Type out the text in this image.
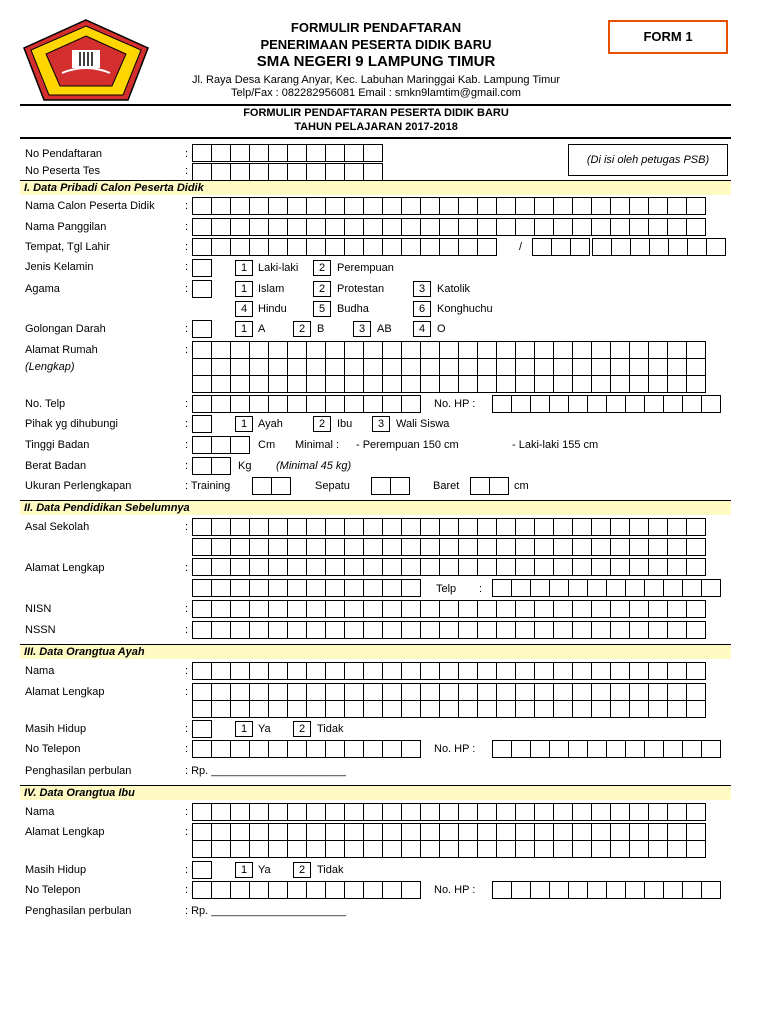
FORMULIR PENDAFTARAN
PENERIMAAN PESERTA DIDIK BARU
SMA NEGERI 9 LAMPUNG TIMUR
Jl. Raya Desa Karang Anyar, Kec. Labuhan Maringgai Kab. Lampung Timur
Telp/Fax : 082282956081 Email : smkn9lamtim@gmail.com
FORM 1
FORMULIR PENDAFTARAN PESERTA DIDIK BARU
TAHUN PELAJARAN 2017-2018
No Pendaftaran	:
No Peserta Tes	:
(Di isi oleh petugas PSB)
I. Data Pribadi Calon Peserta Didik
Nama Calon Peserta Didik	:
Nama Panggilan	:
Tempat, Tgl Lahir	:	/
Jenis Kelamin	:	1 Laki-laki	2	Perempuan
Agama	:	1 Islam	2	Protestan	3	Katolik
4 Hindu	5	Budha	6	Konghuchu
Golongan Darah	:	1 A	2	B	3	AB	4	O
Alamat Rumah
(Lengkap)
:
No. Telp	:	No. HP :
Pihak yg dihubungi	:	1 Ayah	2	Ibu	3	Wali Siswa
Tinggi Badan	:	Cm Minimal : - Perempuan 150 cm	- Laki-laki 155 cm
Berat Badan	:	Kg (Minimal 45 kg)
Ukuran Perlengkapan	: Training	Sepatu	Baret	cm
II. Data Pendidikan Sebelumnya
Asal Sekolah	:
Alamat Lengkap	:
Telp :
NISN	:
NSSN	:
III. Data Orangtua Ayah
Nama	:
Alamat Lengkap	:
Masih Hidup	:	1 Ya	2	Tidak
No Telepon	:	No. HP :
Penghasilan perbulan	: Rp. ______________________
IV. Data Orangtua Ibu
Nama	:
Alamat Lengkap	:
Masih Hidup	:	1 Ya	2	Tidak
No Telepon	:	No. HP :
Penghasilan perbulan	: Rp. ______________________
